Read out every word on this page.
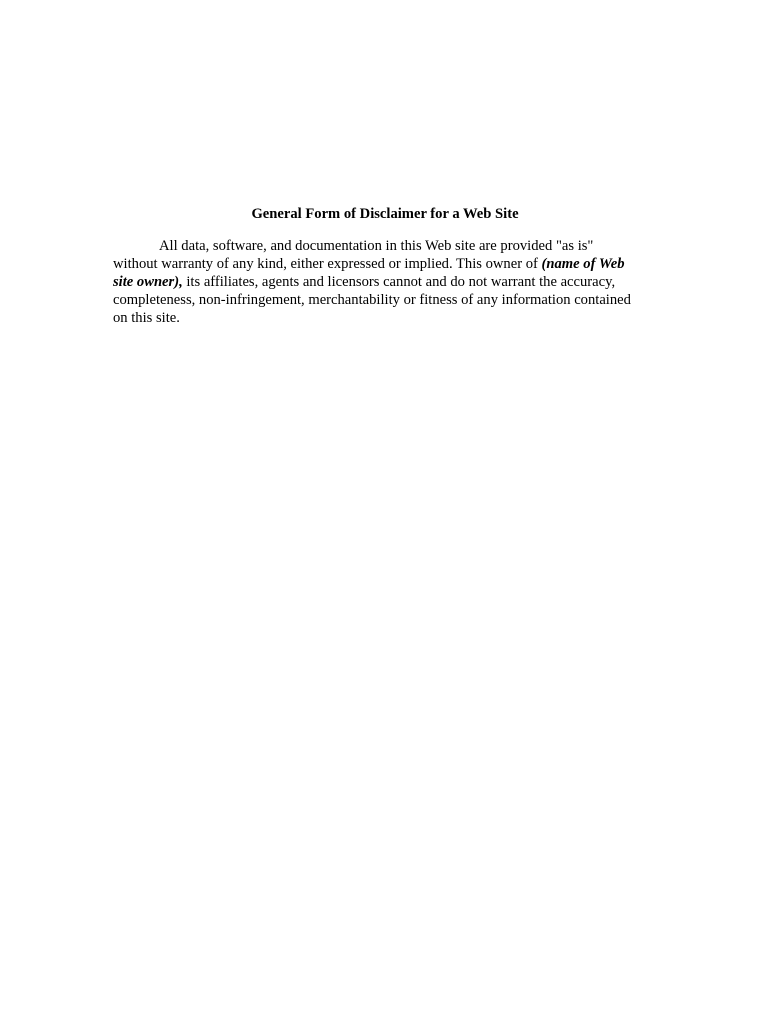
General Form of Disclaimer for a Web Site
All data, software, and documentation in this Web site are provided "as is"
without warranty of any kind, either expressed or implied. This owner of (name of Web
site owner), its affiliates, agents and licensors cannot and do not warrant the accuracy,
completeness, non-infringement, merchantability or fitness of any information contained
on this site.
